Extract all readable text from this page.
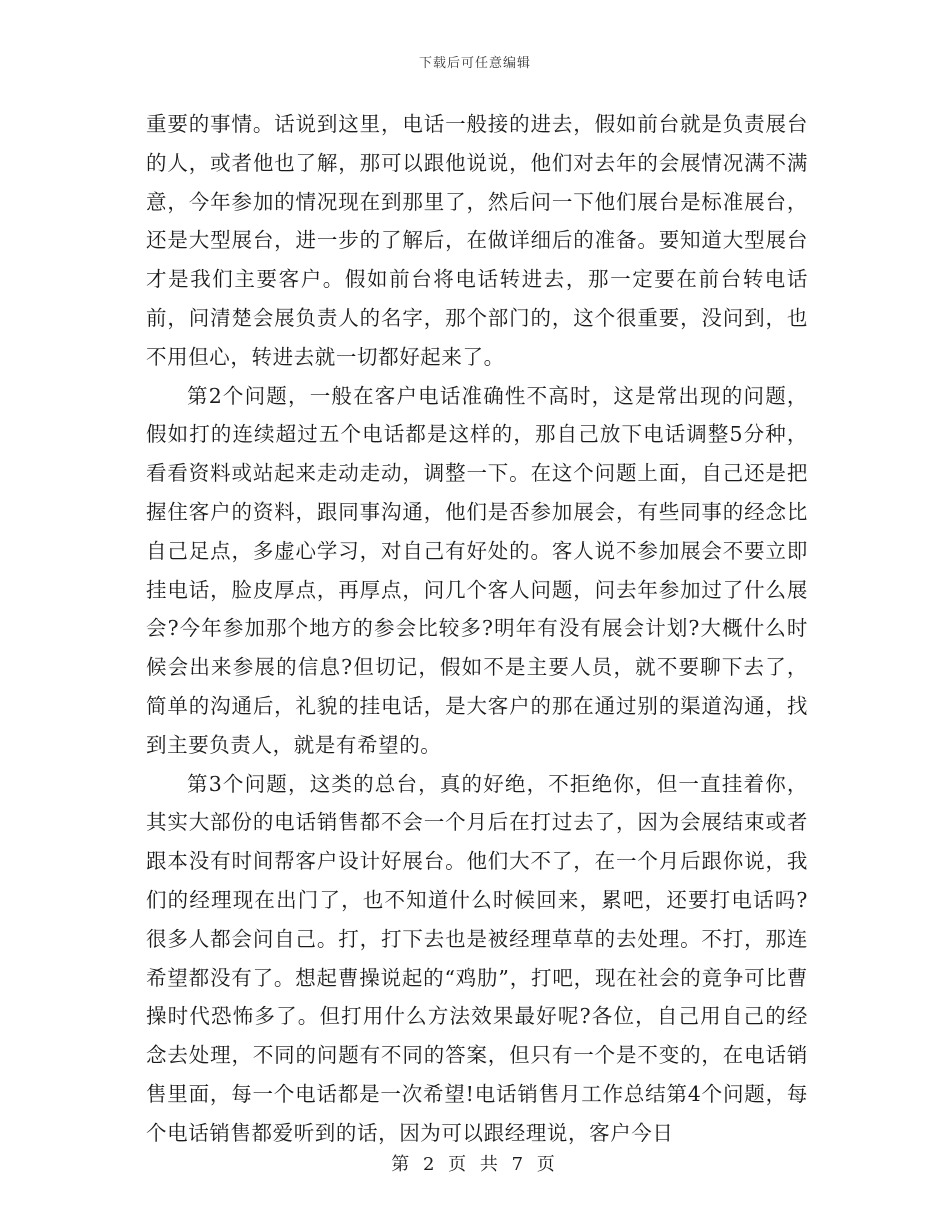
下载后可任意编辑

重要的事情。话说到这里，电话一般接的进去，假如前台就是负责展台的人，或者他也了解，那可以跟他说说，他们对去年的会展情况满不满意，今年参加的情况现在到那里了，然后问一下他们展台是标准展台，还是大型展台，进一步的了解后，在做详细后的准备。要知道大型展台才是我们主要客户。假如前台将电话转进去，那一定要在前台转电话前，问清楚会展负责人的名字，那个部门的，这个很重要，没问到，也不用但心，转进去就一切都好起来了。

第2个问题，一般在客户电话准确性不高时，这是常出现的问题，假如打的连续超过五个电话都是这样的，那自己放下电话调整5分种，看看资料或站起来走动走动，调整一下。在这个问题上面，自己还是把握住客户的资料，跟同事沟通，他们是否参加展会，有些同事的经念比自己足点，多虚心学习，对自己有好处的。客人说不参加展会不要立即挂电话，脸皮厚点，再厚点，问几个客人问题，问去年参加过了什么展会?今年参加那个地方的参会比较多?明年有没有展会计划?大概什么时候会出来参展的信息?但切记，假如不是主要人员，就不要聊下去了，简单的沟通后，礼貌的挂电话，是大客户的那在通过别的渠道沟通，找到主要负责人，就是有希望的。

第3个问题，这类的总台，真的好绝，不拒绝你，但一直挂着你，其实大部份的电话销售都不会一个月后在打过去了，因为会展结束或者跟本没有时间帮客户设计好展台。他们大不了，在一个月后跟你说，我们的经理现在出门了，也不知道什么时候回来，累吧，还要打电话吗?很多人都会问自己。打，打下去也是被经理草草的去处理。不打，那连希望都没有了。想起曹操说起的“鸡肋”，打吧，现在社会的竟争可比曹操时代恐怖多了。但打用什么方法效果最好呢?各位，自己用自己的经念去处理，不同的问题有不同的答案，但只有一个是不变的，在电话销售里面，每一个电话都是一次希望!电话销售月工作总结第4个问题，每个电话销售都爱听到的话，因为可以跟经理说，客户今日

第 2 页 共 7 页
